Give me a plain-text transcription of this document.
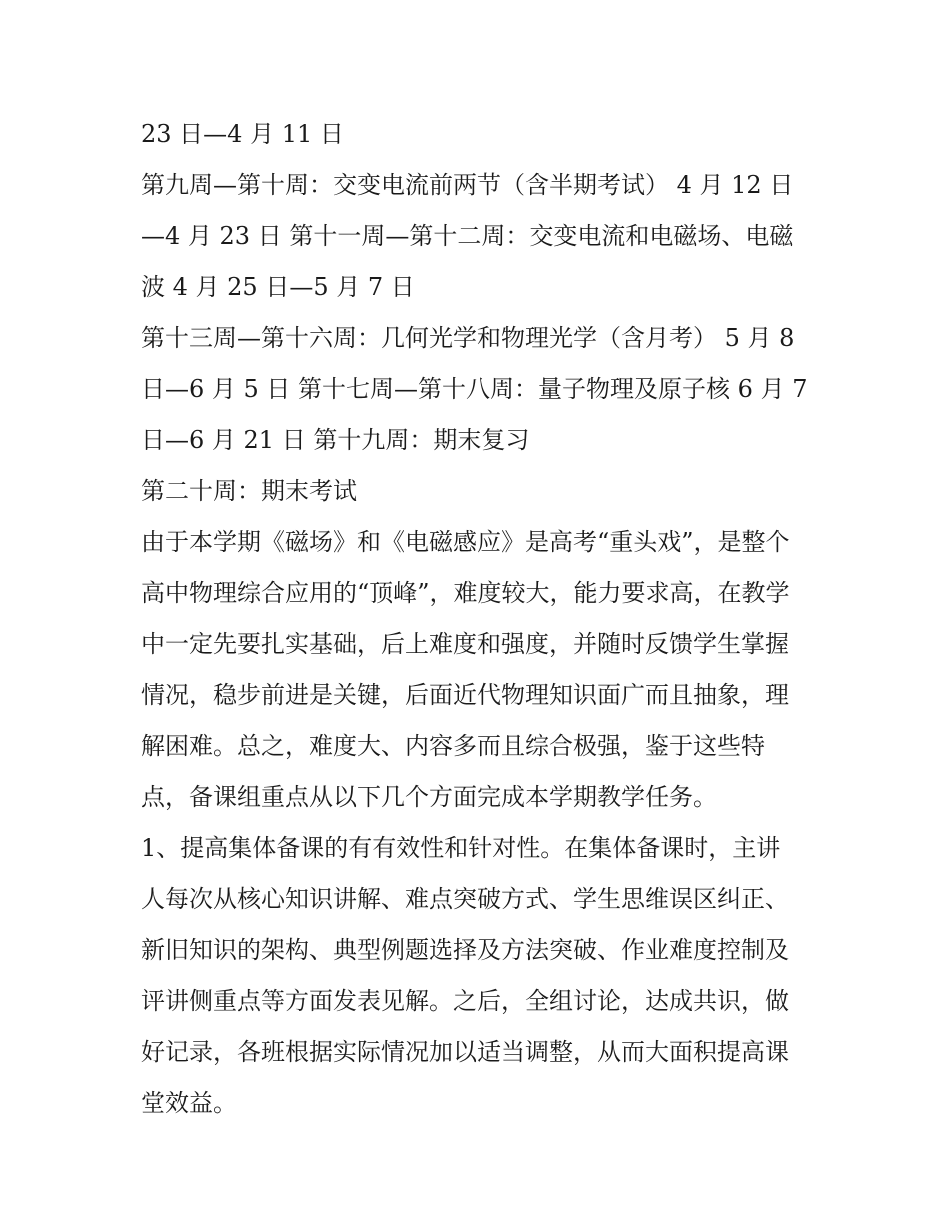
23 日—4 月 11 日
第九周—第十周：交变电流前两节（含半期考试） 4 月 12 日
—4 月 23 日 第十一周—第十二周：交变电流和电磁场、电磁
波 4 月 25 日—5 月 7 日
第十三周—第十六周：几何光学和物理光学（含月考） 5 月 8
日—6 月 5 日 第十七周—第十八周：量子物理及原子核 6 月 7
日—6 月 21 日 第十九周：期末复习
第二十周：期末考试
由于本学期《磁场》和《电磁感应》是高考“重头戏”，是整个
高中物理综合应用的“顶峰”，难度较大，能力要求高，在教学
中一定先要扎实基础，后上难度和强度，并随时反馈学生掌握
情况，稳步前进是关键，后面近代物理知识面广而且抽象，理
解困难。总之，难度大、内容多而且综合极强，鉴于这些特
点，备课组重点从以下几个方面完成本学期教学任务。
1、提高集体备课的有有效性和针对性。在集体备课时，主讲
人每次从核心知识讲解、难点突破方式、学生思维误区纠正、
新旧知识的架构、典型例题选择及方法突破、作业难度控制及
评讲侧重点等方面发表见解。之后，全组讨论，达成共识，做
好记录，各班根据实际情况加以适当调整，从而大面积提高课
堂效益。
